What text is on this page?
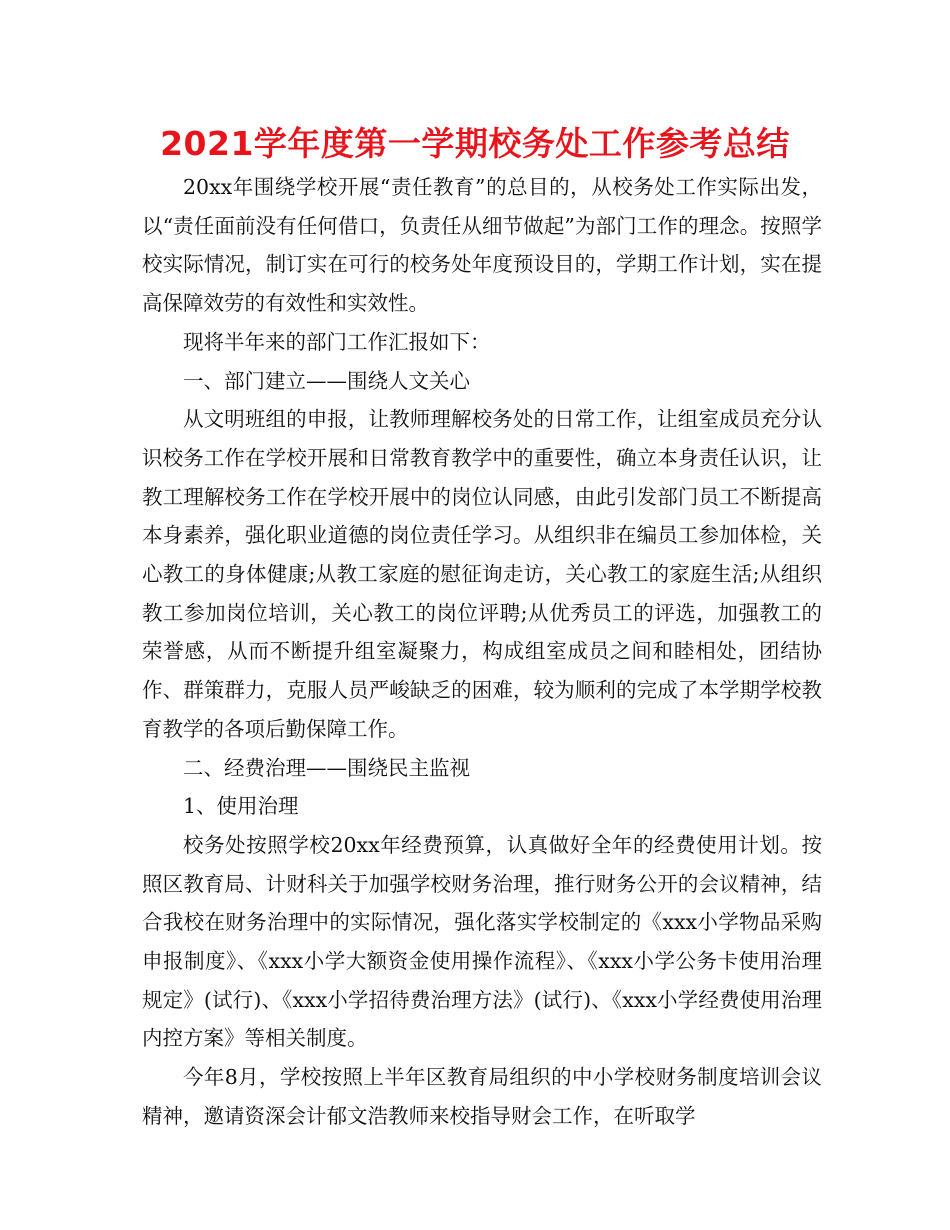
2021学年度第一学期校务处工作参考总结

20xx年围绕学校开展“责任教育”的总目的，从校务处工作实际出发，以“责任面前没有任何借口，负责任从细节做起”为部门工作的理念。按照学校实际情况，制订实在可行的校务处年度预设目的，学期工作计划，实在提高保障效劳的有效性和实效性。

现将半年来的部门工作汇报如下：

一、部门建立——围绕人文关心

从文明班组的申报，让教师理解校务处的日常工作，让组室成员充分认识校务工作在学校开展和日常教育教学中的重要性，确立本身责任认识，让教工理解校务工作在学校开展中的岗位认同感，由此引发部门员工不断提高本身素养，强化职业道德的岗位责任学习。从组织非在编员工参加体检，关心教工的身体健康;从教工家庭的慰征询走访，关心教工的家庭生活;从组织教工参加岗位培训，关心教工的岗位评聘;从优秀员工的评选，加强教工的荣誉感，从而不断提升组室凝聚力，构成组室成员之间和睦相处，团结协作、群策群力，克服人员严峻缺乏的困难，较为顺利的完成了本学期学校教育教学的各项后勤保障工作。

二、经费治理——围绕民主监视

1、使用治理

校务处按照学校20xx年经费预算，认真做好全年的经费使用计划。按照区教育局、计财科关于加强学校财务治理，推行财务公开的会议精神，结合我校在财务治理中的实际情况，强化落实学校制定的《xxx小学物品采购申报制度》、《xxx小学大额资金使用操作流程》、《xxx小学公务卡使用治理规定》(试行)、《xxx小学招待费治理方法》(试行)、《xxx小学经费使用治理内控方案》等相关制度。

今年8月，学校按照上半年区教育局组织的中小学校财务制度培训会议精神，邀请资深会计郁文浩教师来校指导财会工作，在听取学
